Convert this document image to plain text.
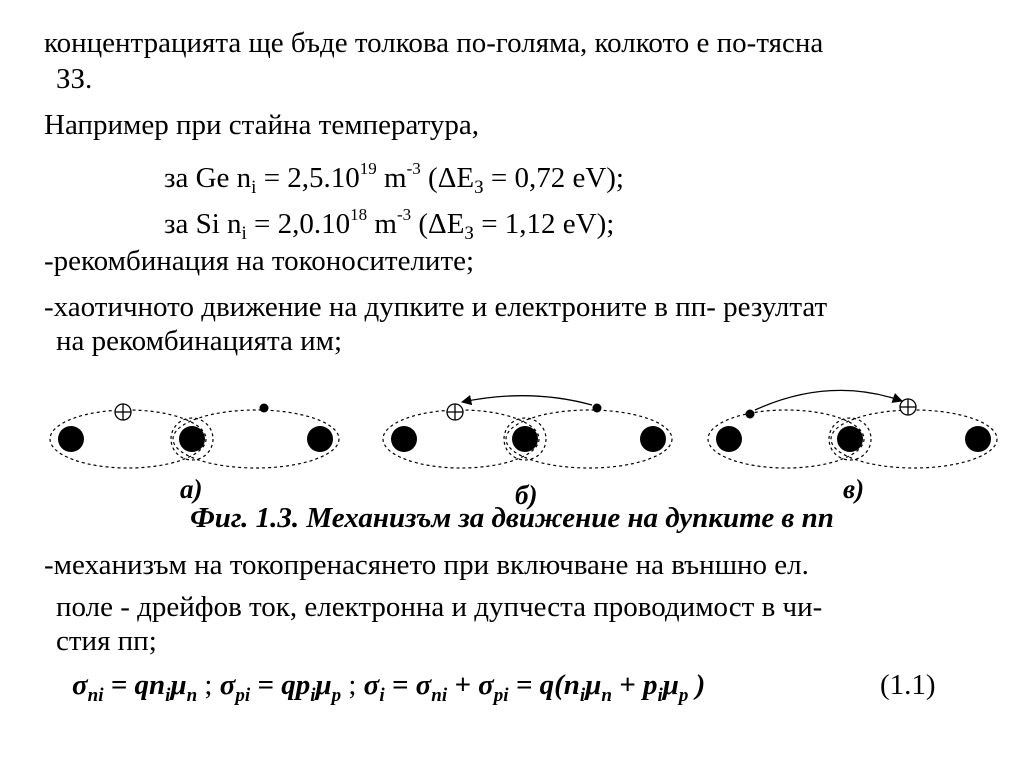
концентрацията ще бъде толкова по-голяма, колкото е по-тясна
ЗЗ.
Например при стайна температура,
за Ge $n_i = 2,5.10^{19}$ $m^{-3}$ ($\Delta E_З = 0,72$ eV);
за Si $n_i = 2,0.10^{18}$ $m^{-3}$ ($\Delta E_З = 1,12$ eV);
-рекомбинация на токоносителите;
-хаотичното движение на дупките и електроните в пп- резултат
на рекомбинацията им;
а)	б)	в)
Фиг. 1.3. Механизъм за движение на дупките в пп
-механизъм на токопренасянето при включване на външно ел.
поле - дрейфов ток, електронна и дупчеста проводимост в чи-
стия пп;
$\sigma_{ni} = qn_i\mu_n$ ; $\sigma_{pi} = qp_i\mu_p$ ; $\sigma_i = \sigma_{ni} + \sigma_{pi} = q(n_i\mu_n + p_i\mu_p$ )	(1.1)
